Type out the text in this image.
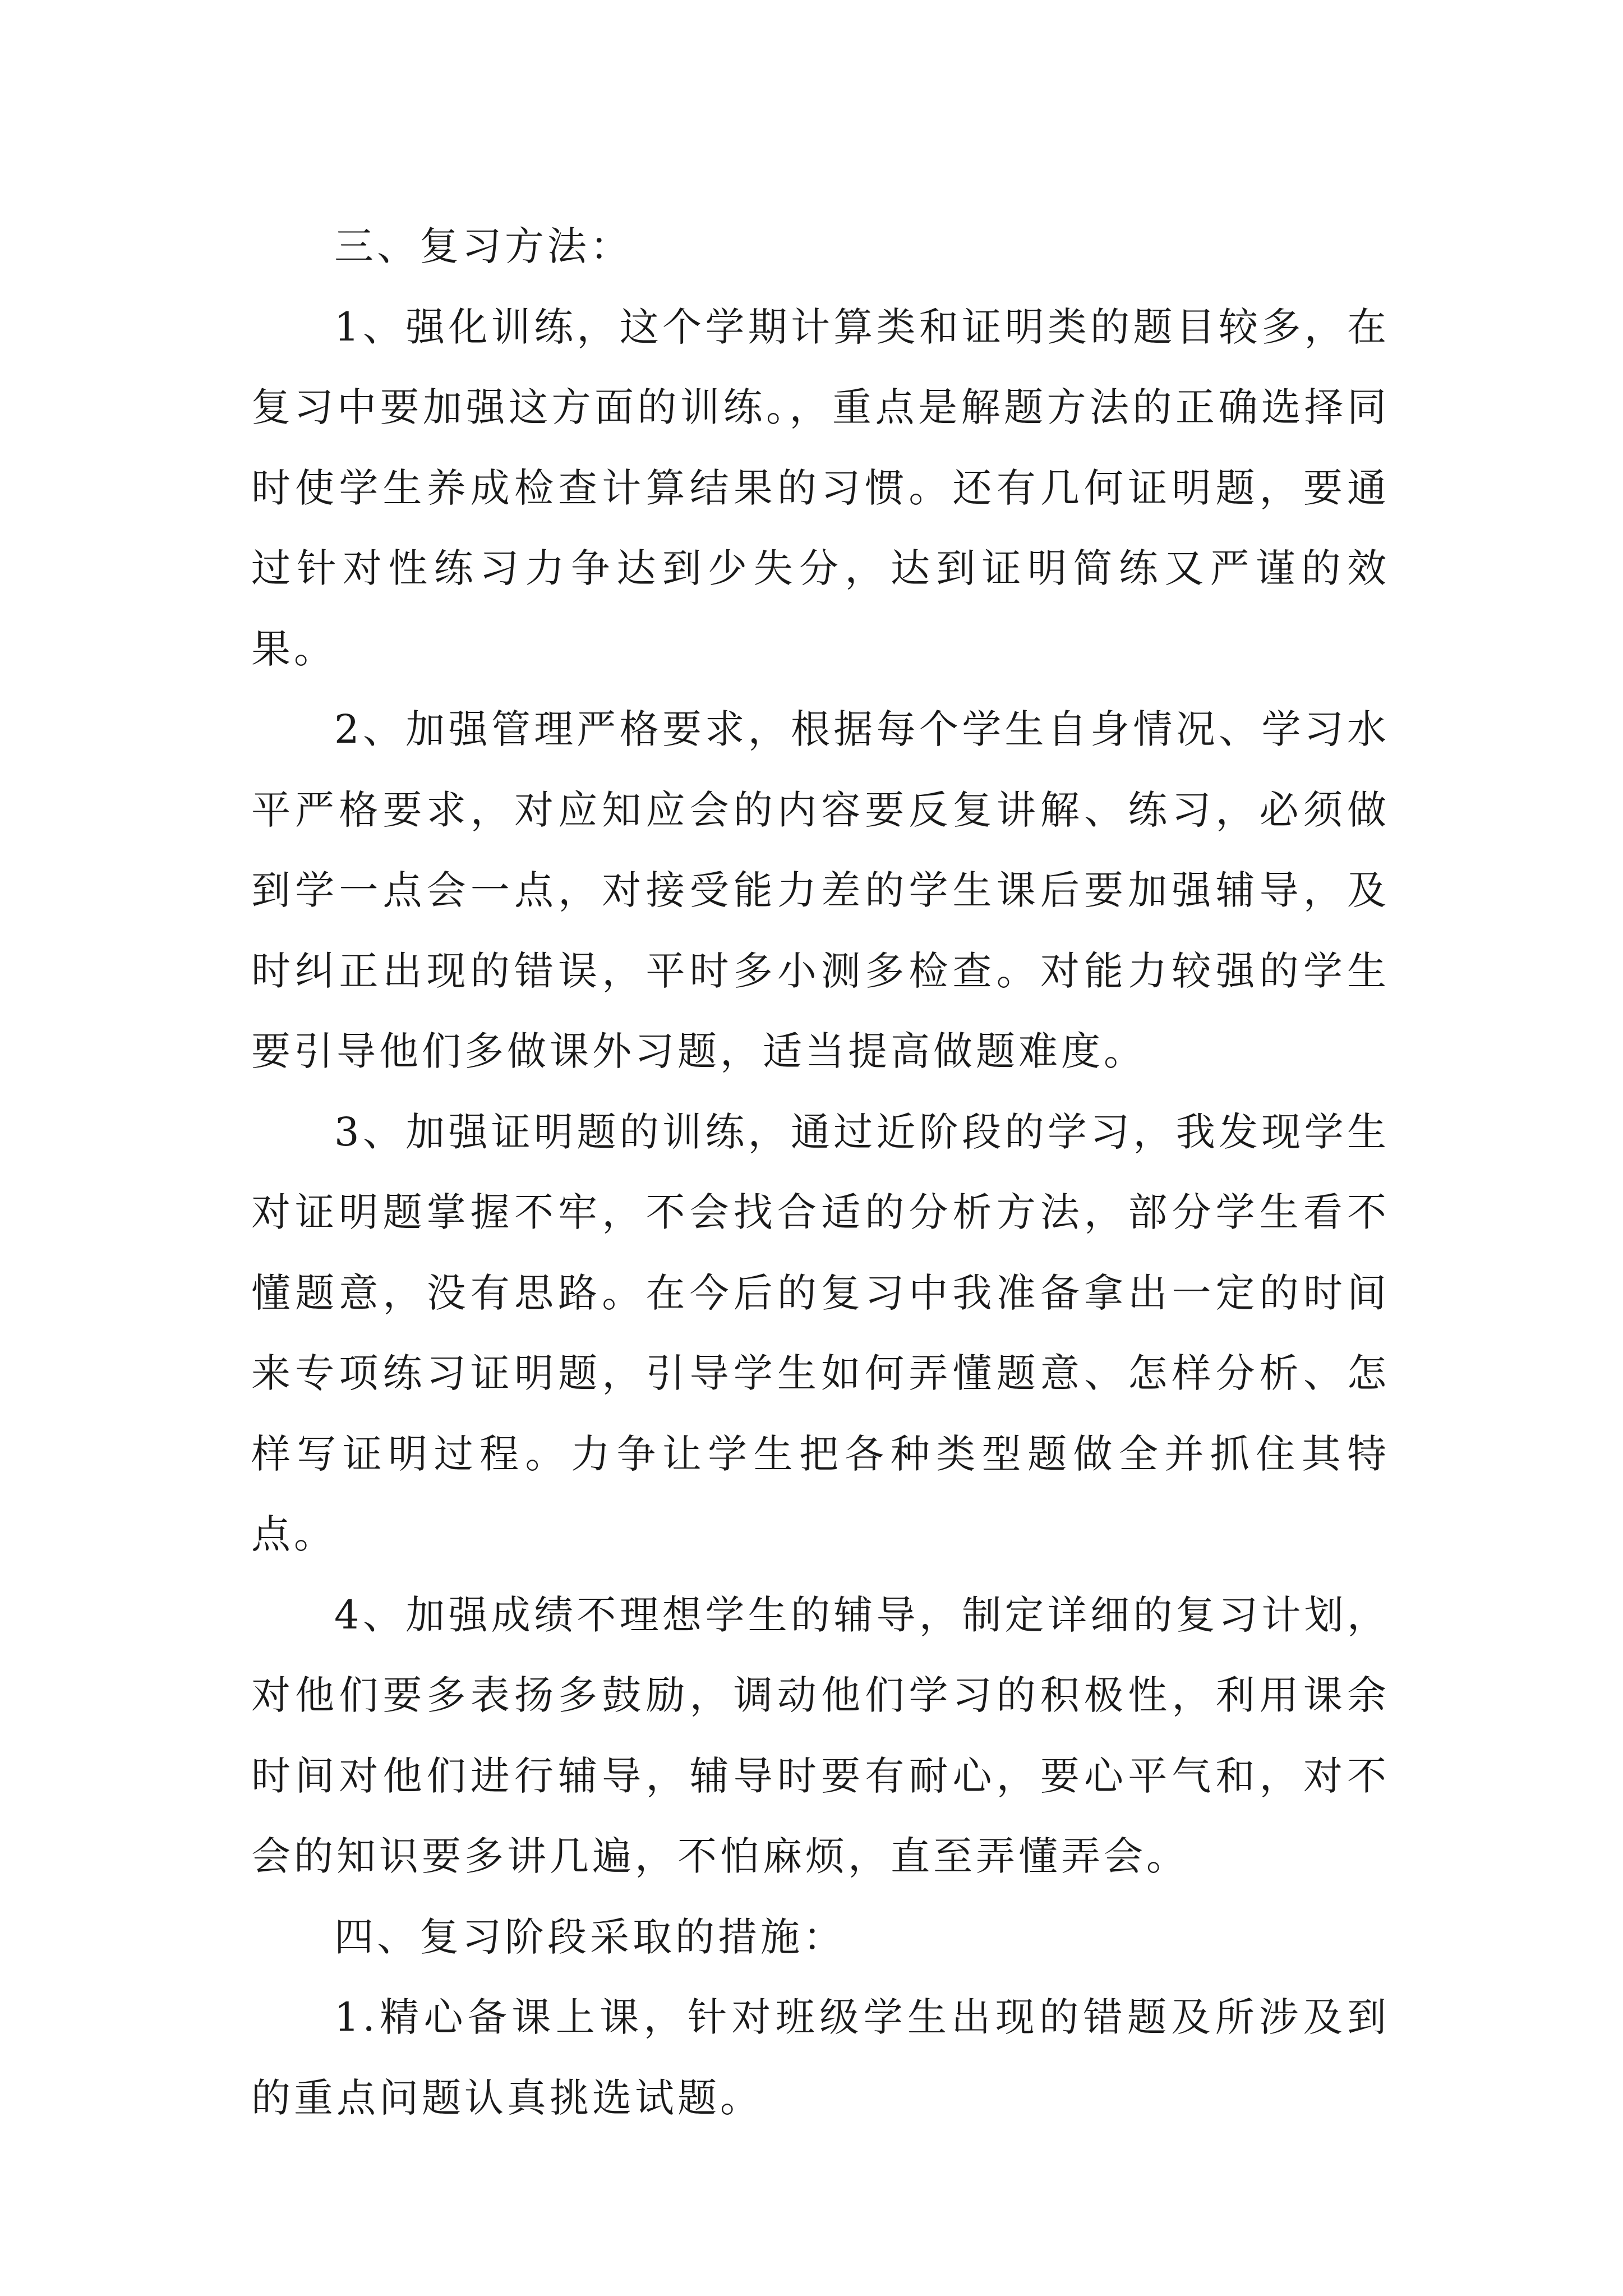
三、复习方法：

1、强化训练，这个学期计算类和证明类的题目较多，在复习中要加强这方面的训练。，重点是解题方法的正确选择同时使学生养成检查计算结果的习惯。还有几何证明题，要通过针对性练习力争达到少失分，达到证明简练又严谨的效果。

2、加强管理严格要求，根据每个学生自身情况、学习水平严格要求，对应知应会的内容要反复讲解、练习，必须做到学一点会一点，对接受能力差的学生课后要加强辅导，及时纠正出现的错误，平时多小测多检查。对能力较强的学生要引导他们多做课外习题，适当提高做题难度。

3、加强证明题的训练，通过近阶段的学习，我发现学生对证明题掌握不牢，不会找合适的分析方法，部分学生看不懂题意，没有思路。在今后的复习中我准备拿出一定的时间来专项练习证明题，引导学生如何弄懂题意、怎样分析、怎样写证明过程。力争让学生把各种类型题做全并抓住其特点。

4、加强成绩不理想学生的辅导，制定详细的复习计划，对他们要多表扬多鼓励，调动他们学习的积极性，利用课余时间对他们进行辅导，辅导时要有耐心，要心平气和，对不会的知识要多讲几遍，不怕麻烦，直至弄懂弄会。

四、复习阶段采取的措施：

1.精心备课上课，针对班级学生出现的错题及所涉及到的重点问题认真挑选试题。
